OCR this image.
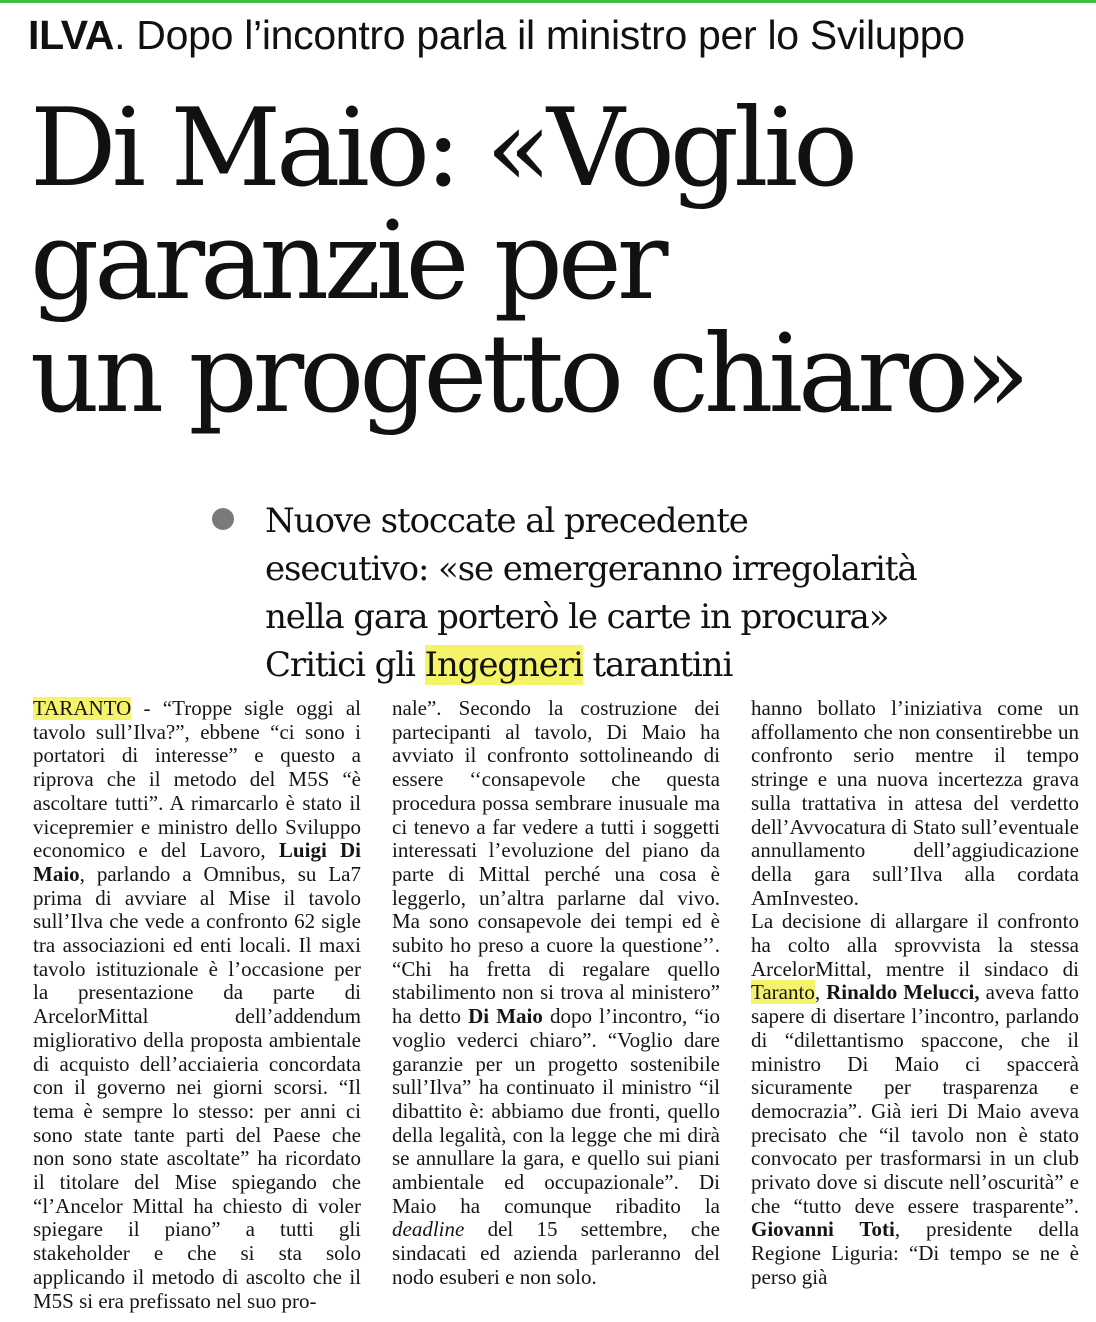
ILVA. Dopo l’incontro parla il ministro per lo Sviluppo
Di Maio: «Voglio
garanzie per
un progetto chiaro»
Nuove stoccate al precedente
esecutivo: «se emergeranno irregolarità
nella gara porterò le carte in procura»
Critici gli Ingegneri tarantini

TARANTO - “Troppe sigle oggi al tavolo sull’Ilva?”, ebbene “ci sono i portatori di interesse” e questo a riprova che il metodo del M5S “è ascoltare tutti”. A rimarcarlo è stato il vicepremier e ministro dello Sviluppo economico e del Lavoro, Luigi Di Maio, parlando a Omnibus, su La7 prima di avviare al Mise il tavolo sull’Ilva che vede a confronto 62 sigle tra associazioni ed enti locali. Il maxi tavolo istituzionale è l’occasione per la presentazione da parte di ArcelorMittal dell’addendum migliorativo della proposta ambientale di acquisto dell’acciaieria concordata con il governo nei giorni scorsi. “Il tema è sempre lo stesso: per anni ci sono state tante parti del Paese che non sono state ascoltate” ha ricordato il titolare del Mise spiegando che “l’Ancelor Mittal ha chiesto di voler spiegare il piano” a tutti gli stakeholder e che si sta solo applicando il metodo di ascolto che il M5S si era prefissato nel suo pro-

nale”. Secondo la costruzione dei partecipanti al tavolo, Di Maio ha avviato il confronto sottolineando di essere ‘‘consapevole che questa procedura possa sembrare inusuale ma ci tenevo a far vedere a tutti i soggetti interessati l’evoluzione del piano da parte di Mittal perché una cosa è leggerlo, un’altra parlarne dal vivo. Ma sono consapevole dei tempi ed è subito ho preso a cuore la questione’’. “Chi ha fretta di regalare quello stabilimento non si trova al ministero” ha detto Di Maio dopo l’incontro, “io voglio vederci chiaro”. “Voglio dare garanzie per un progetto sostenibile sull’Ilva” ha continuato il ministro “il dibattito è: abbiamo due fronti, quello della legalità, con la legge che mi dirà se annullare la gara, e quello sui piani ambientale ed occupazionale”. Di Maio ha comunque ribadito la deadline del 15 settembre, che sindacati ed azienda parleranno del nodo esuberi e non solo.

hanno bollato l’iniziativa come un affollamento che non consentirebbe un confronto serio mentre il tempo stringe e una nuova incertezza grava sulla trattativa in attesa del verdetto dell’Avvocatura di Stato sull’eventuale annullamento dell’aggiudicazione della gara sull’Ilva alla cordata AmInvesteo.

La decisione di allargare il confronto ha colto alla sprovvista la stessa ArcelorMittal, mentre il sindaco di Taranto, Rinaldo Melucci, aveva fatto sapere di disertare l’incontro, parlando di “dilettantismo spaccone, che il ministro Di Maio ci spaccerà sicuramente per trasparenza e democrazia”. Già ieri Di Maio aveva precisato che “il tavolo non è stato convocato per trasformarsi in un club privato dove si discute nell’oscurità” e che “tutto deve essere trasparente”. Giovanni Toti, presidente della Regione Liguria: “Di tempo se ne è perso già
